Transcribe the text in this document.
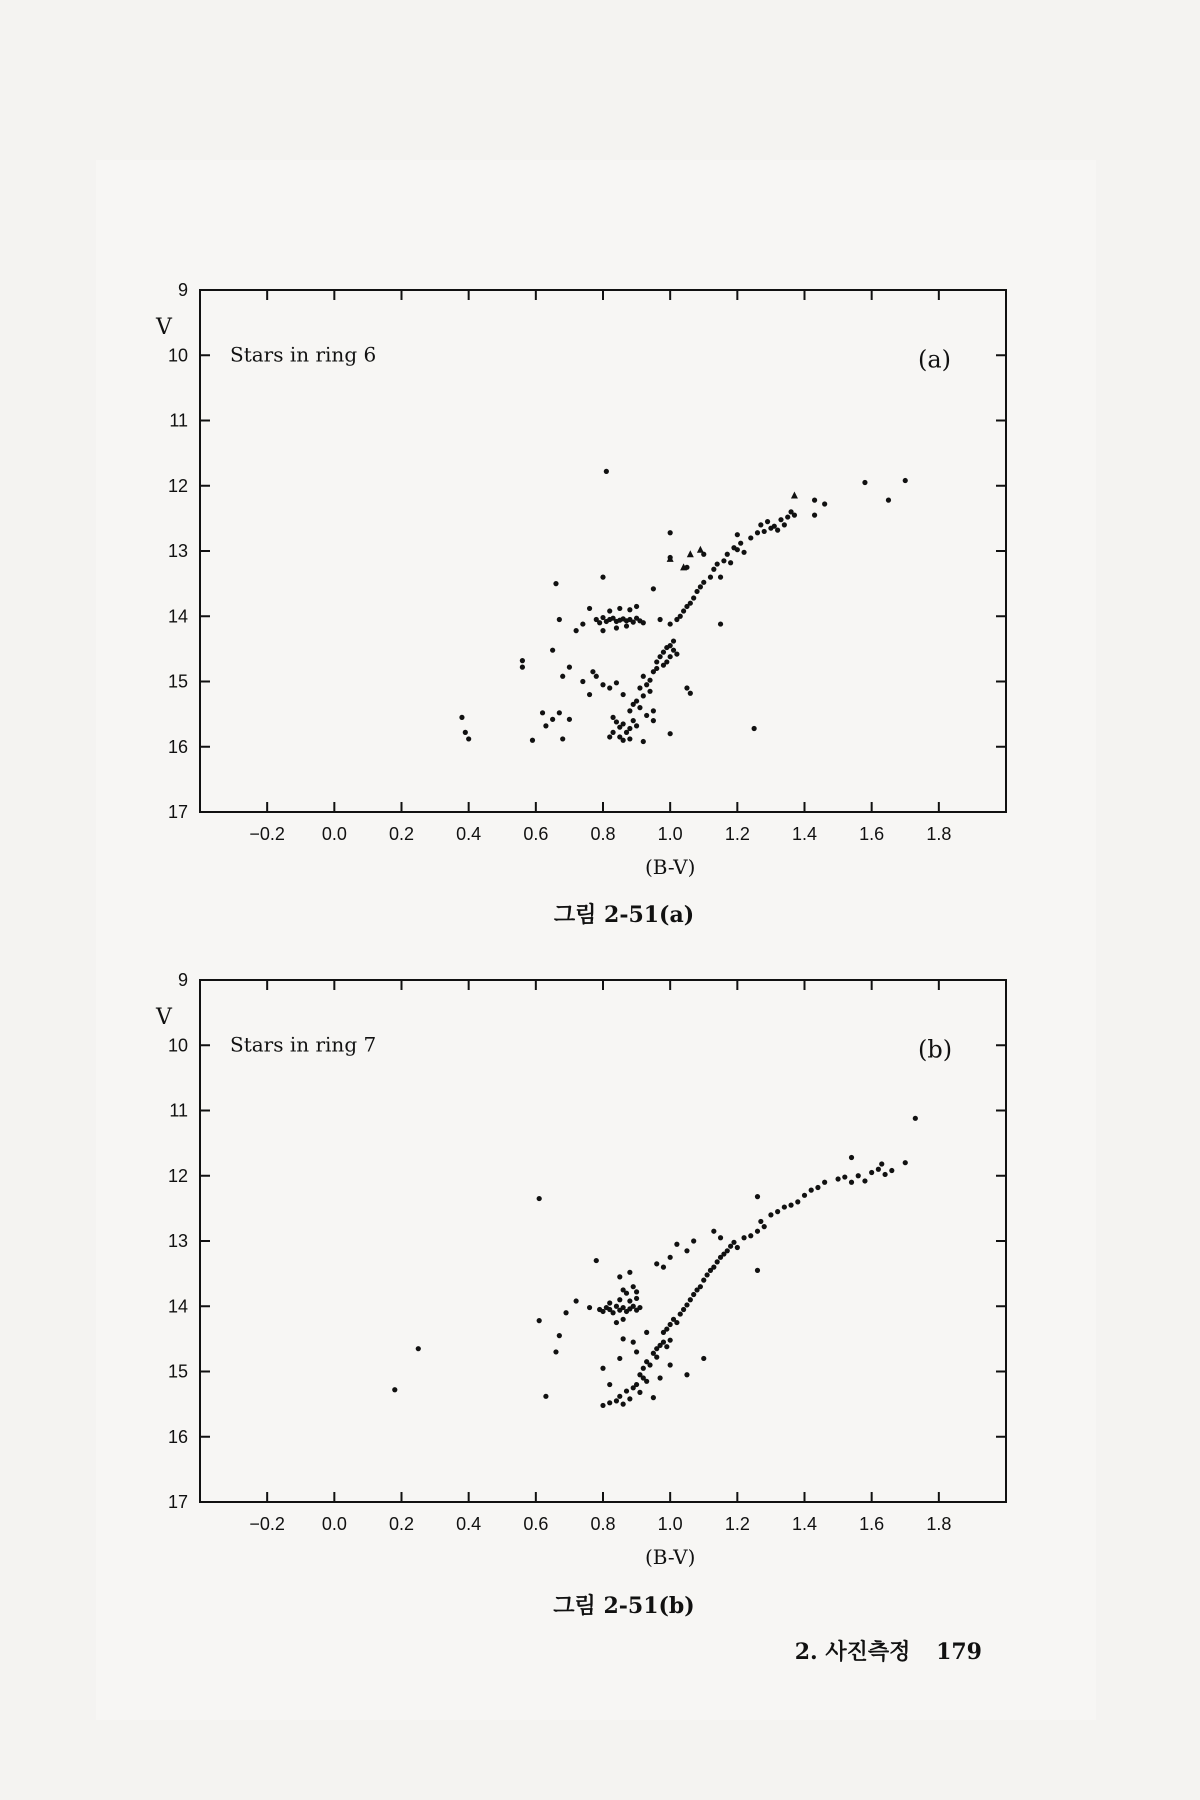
−0.2 0.0 0.2 0.4 0.6 0.8 1.0 1.2 1.4 1.6 1.8
9
10
11
12
13
14
15
16
17
V
(B-V)
Stars in ring 6	(a)
그림 2-51(a)
−0.2 0.0 0.2 0.4 0.6 0.8 1.0 1.2 1.4 1.6 1.8
9
10
11
12
13
14
15
16
17
V
(B-V)
Stars in ring 7	(b)
그림 2-51(b)
2. 사진측정 179
